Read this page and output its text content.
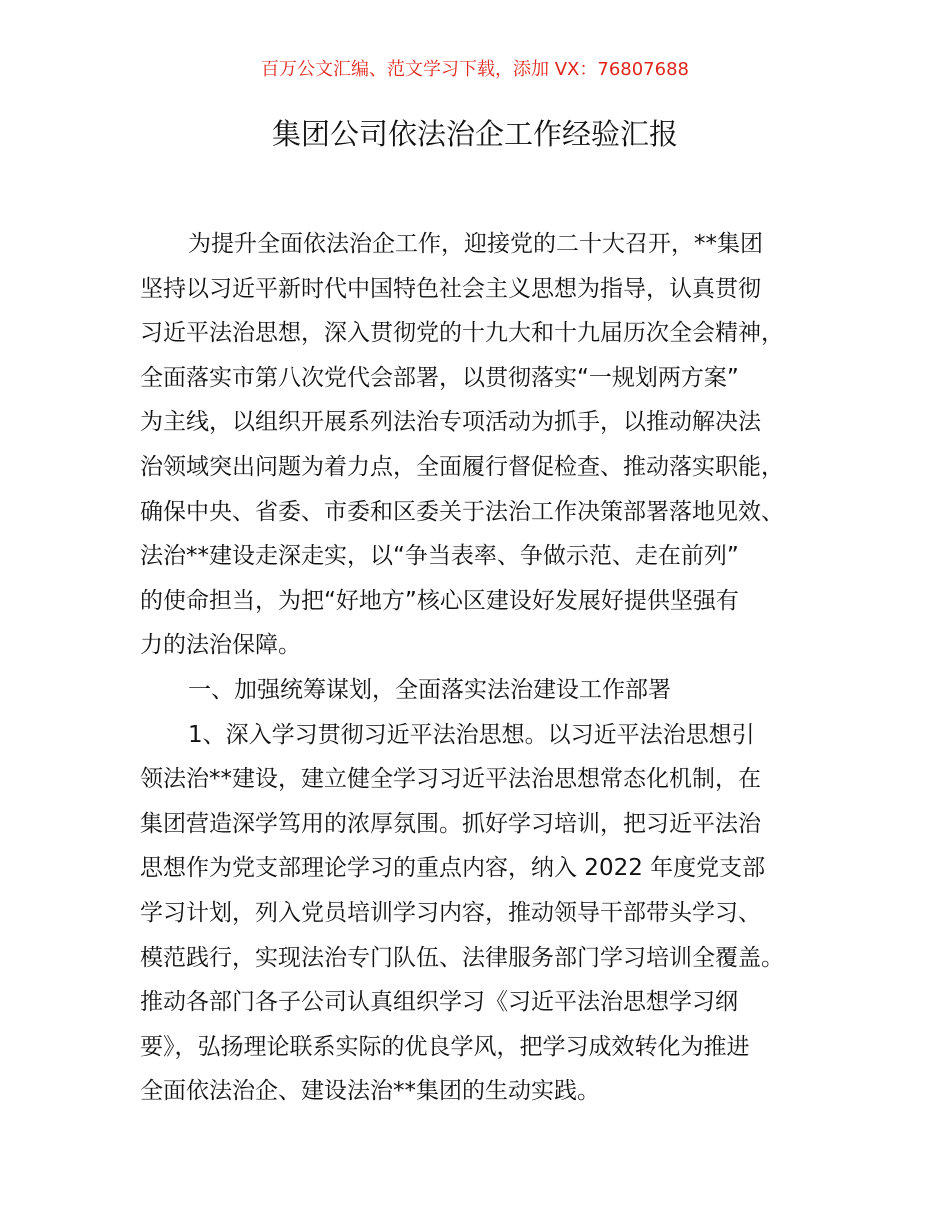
百万公文汇编、范文学习下载，添加 VX：76807688
集团公司依法治企工作经验汇报
为提升全面依法治企工作，迎接党的二十大召开，**集团
坚持以习近平新时代中国特色社会主义思想为指导，认真贯彻
习近平法治思想，深入贯彻党的十九大和十九届历次全会精神，
全面落实市第八次党代会部署，以贯彻落实“一规划两方案”
为主线，以组织开展系列法治专项活动为抓手，以推动解决法
治领域突出问题为着力点，全面履行督促检查、推动落实职能，
确保中央、省委、市委和区委关于法治工作决策部署落地见效、
法治**建设走深走实，以“争当表率、争做示范、走在前列”
的使命担当，为把“好地方”核心区建设好发展好提供坚强有
力的法治保障。
一、加强统筹谋划，全面落实法治建设工作部署
1、深入学习贯彻习近平法治思想。以习近平法治思想引
领法治**建设，建立健全学习习近平法治思想常态化机制，在
集团营造深学笃用的浓厚氛围。抓好学习培训，把习近平法治
思想作为党支部理论学习的重点内容，纳入 2022 年度党支部
学习计划，列入党员培训学习内容，推动领导干部带头学习、
模范践行，实现法治专门队伍、法律服务部门学习培训全覆盖。
推动各部门各子公司认真组织学习《习近平法治思想学习纲
要》，弘扬理论联系实际的优良学风，把学习成效转化为推进
全面依法治企、建设法治**集团的生动实践。
